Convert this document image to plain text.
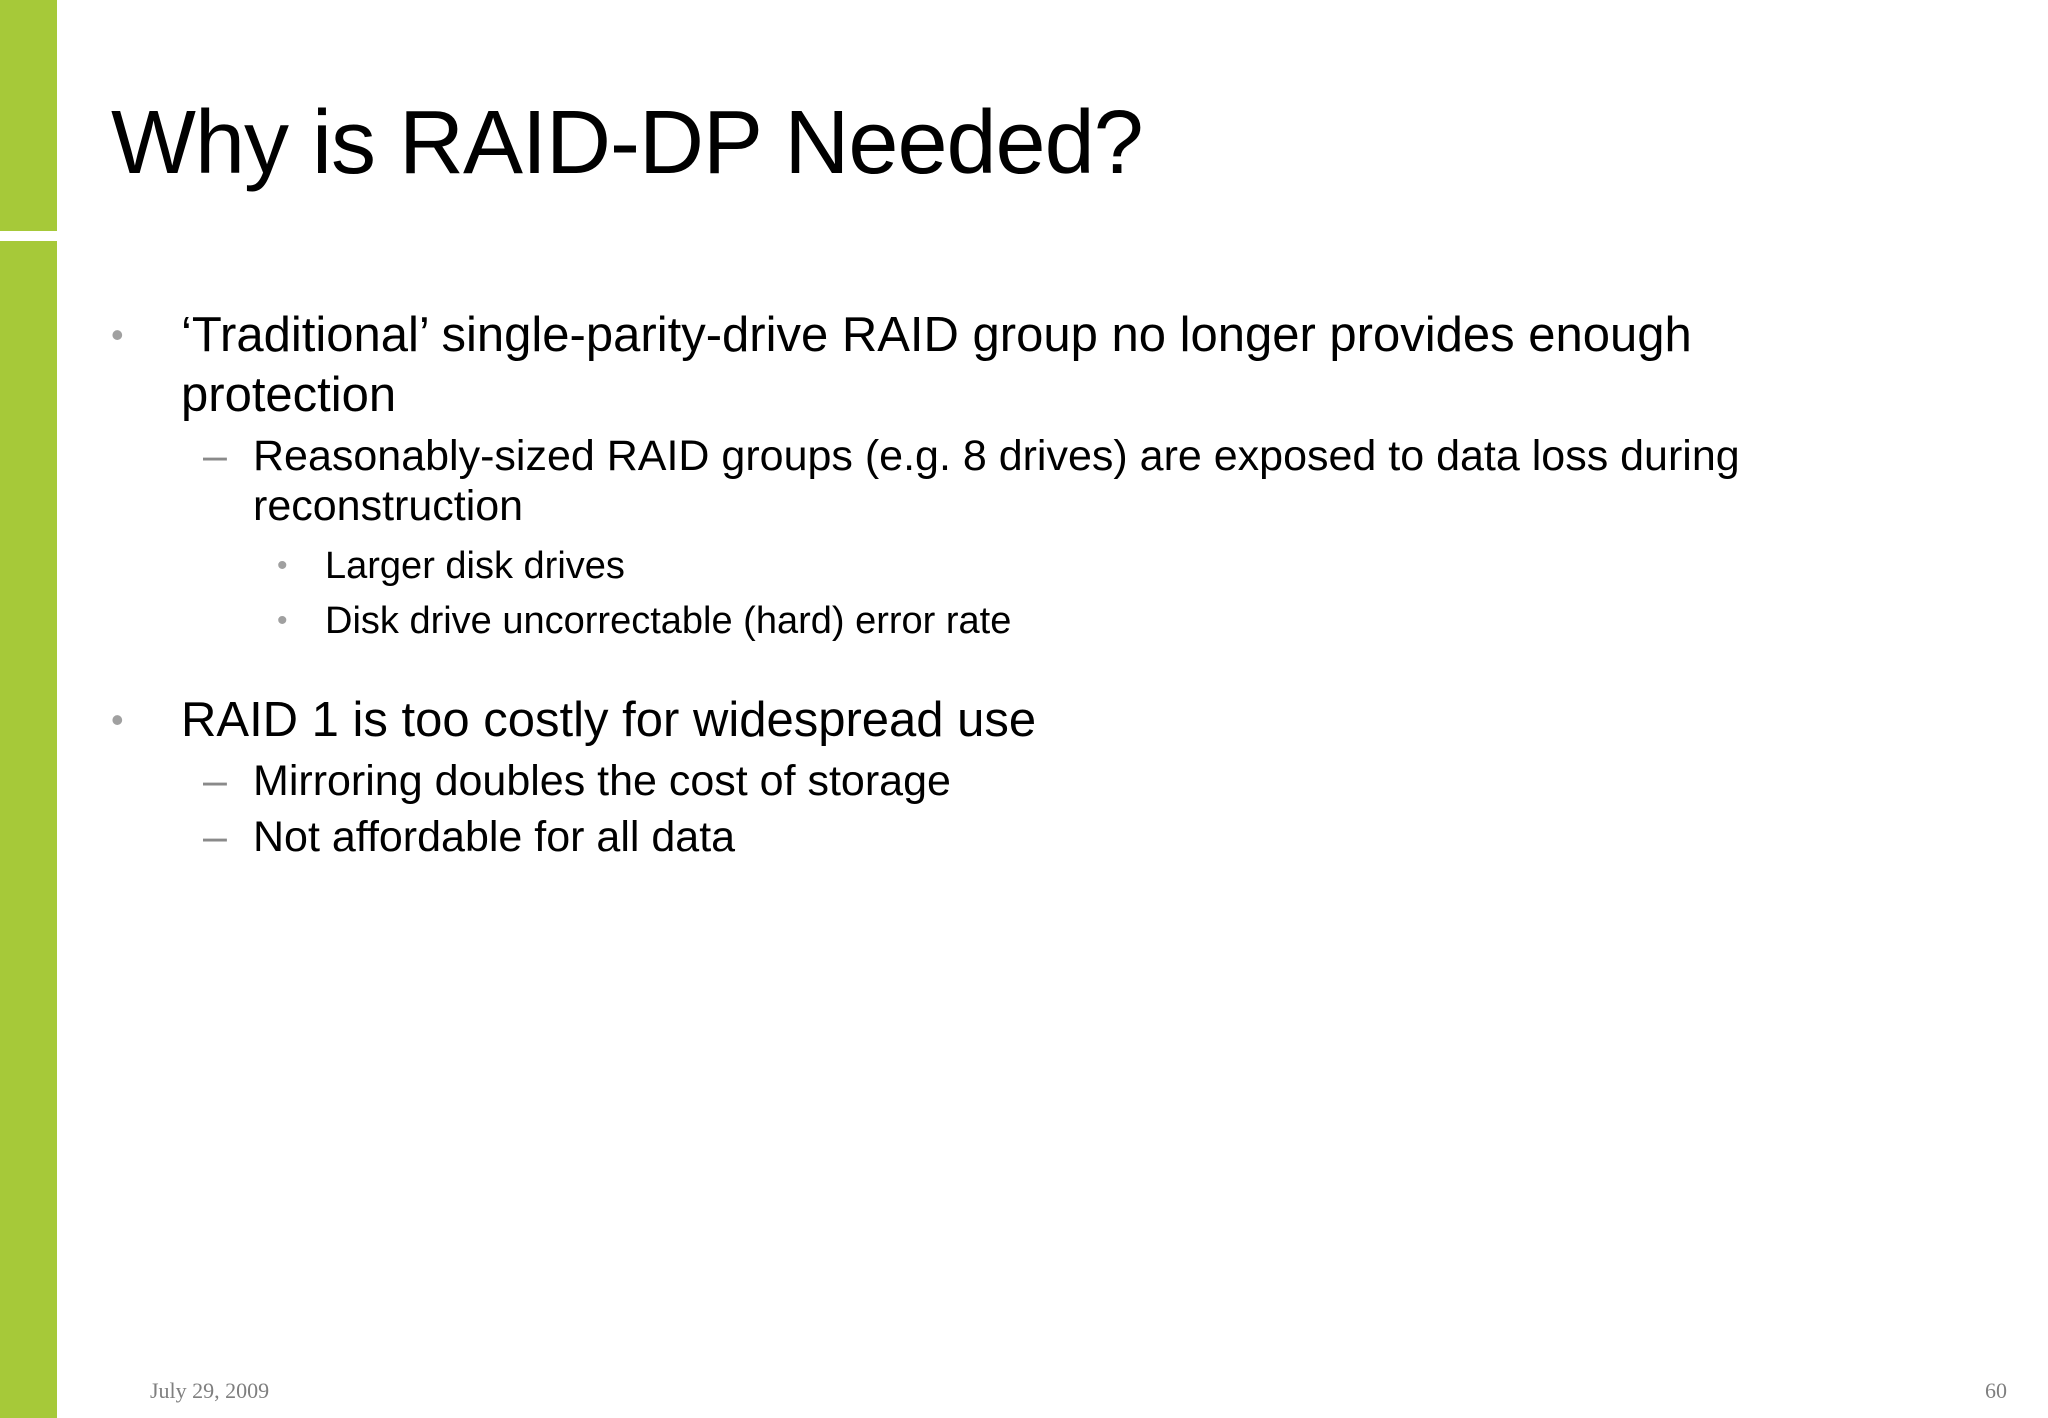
Why is RAID-DP Needed?
• ‘Traditional’ single-parity-drive RAID group no longer provides enough protection
– Reasonably-sized RAID groups (e.g. 8 drives) are exposed to data loss during reconstruction
• Larger disk drives
• Disk drive uncorrectable (hard) error rate
• RAID 1 is too costly for widespread use
– Mirroring doubles the cost of storage
– Not affordable for all data
July 29, 2009	60
